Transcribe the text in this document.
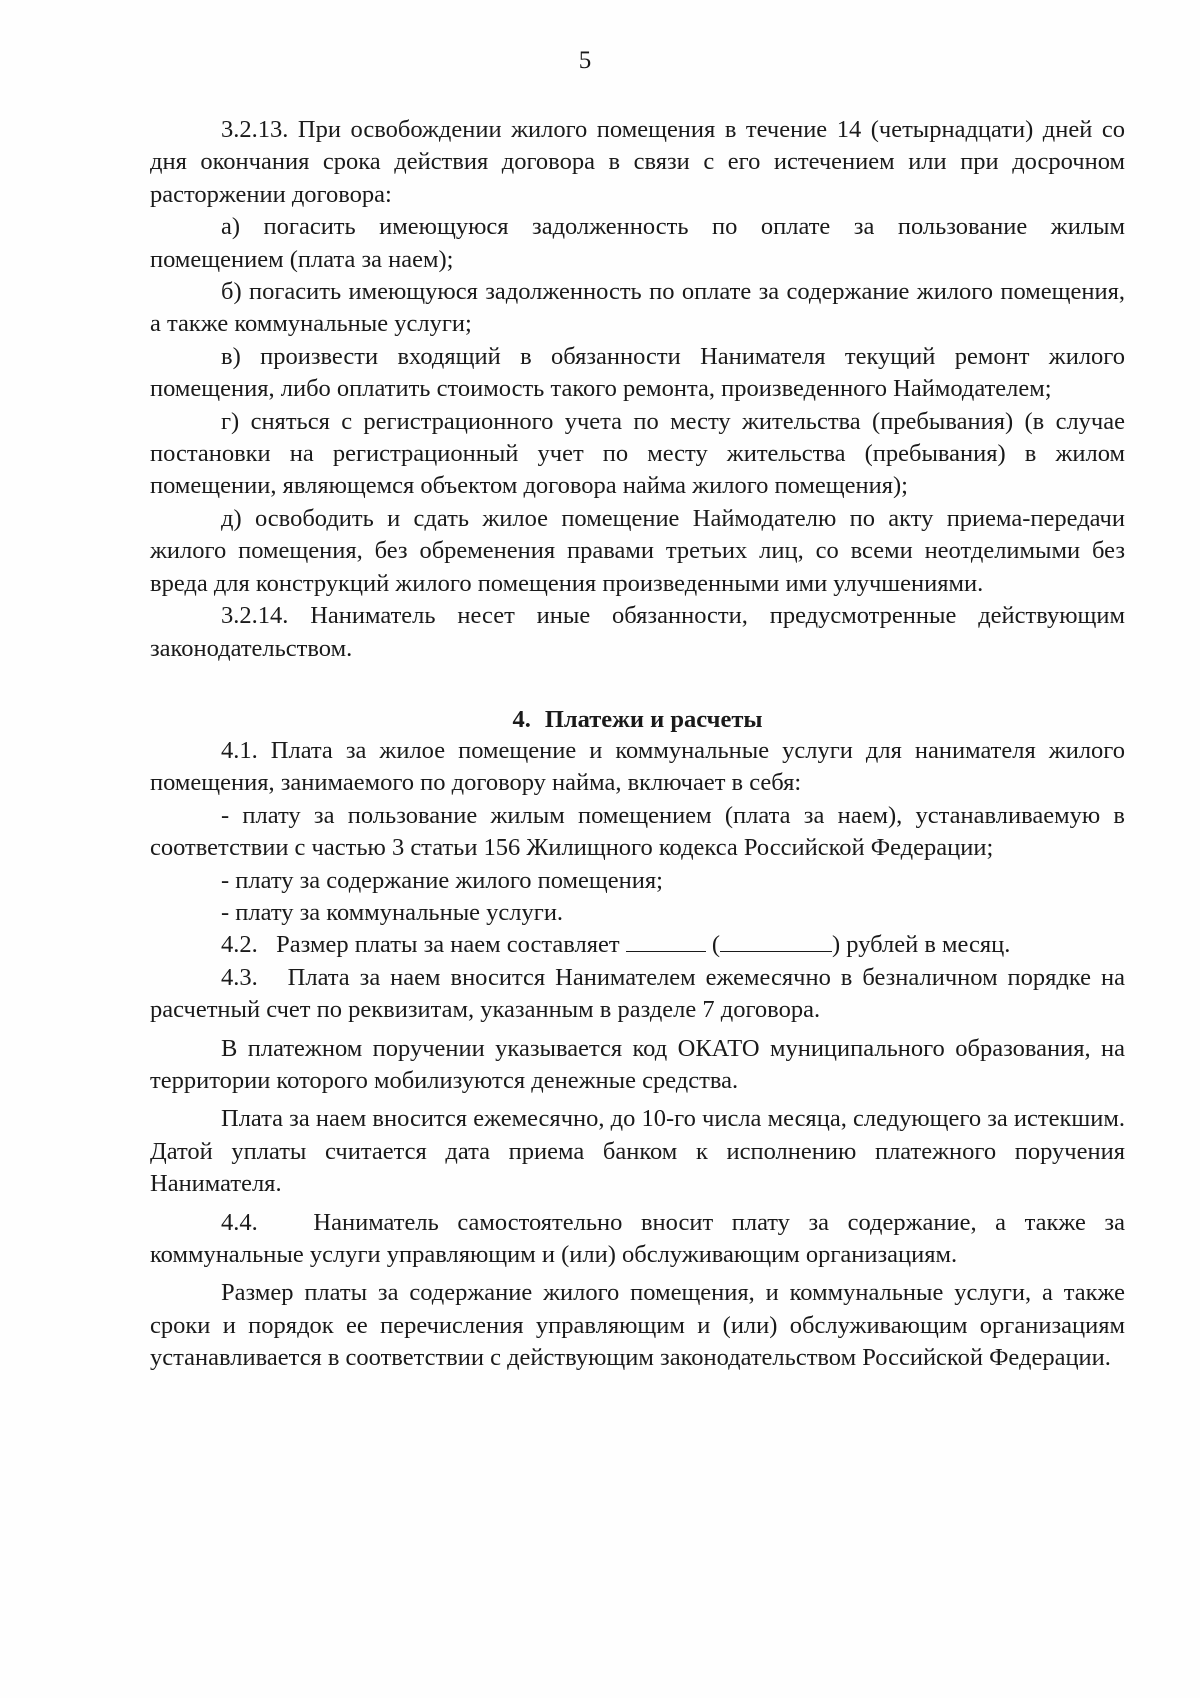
5

3.2.13. При освобождении жилого помещения в течение 14 (четырнадцати) дней со дня окончания срока действия договора в связи с его истечением или при досрочном расторжении договора:

а) погасить имеющуюся задолженность по оплате за пользование жилым помещением (плата за наем);

б) погасить имеющуюся задолженность по оплате за содержание жилого помещения, а также коммунальные услуги;

в) произвести входящий в обязанности Нанимателя текущий ремонт жилого помещения, либо оплатить стоимость такого ремонта, произведенного Наймодателем;

г) сняться с регистрационного учета по месту жительства (пребывания) (в случае постановки на регистрационный учет по месту жительства (пребывания) в жилом помещении, являющемся объектом договора найма жилого помещения);

д) освободить и сдать жилое помещение Наймодателю по акту приема-передачи жилого помещения, без обременения правами третьих лиц, со всеми неотделимыми без вреда для конструкций жилого помещения произведенными ими улучшениями.

3.2.14. Наниматель несет иные обязанности, предусмотренные действующим законодательством.

4. Платежи и расчеты

4.1. Плата за жилое помещение и коммунальные услуги для нанимателя жилого помещения, занимаемого по договору найма, включает в себя:

- плату за пользование жилым помещением (плата за наем), устанавливаемую в соответствии с частью 3 статьи 156 Жилищного кодекса Российской Федерации;

- плату за содержание жилого помещения;

- плату за коммунальные услуги.

4.2.   Размер платы за наем составляет	(	) рублей в месяц.

4.3.   Плата за наем вносится Нанимателем ежемесячно в безналичном порядке на расчетный счет по реквизитам, указанным в разделе 7 договора.

В платежном поручении указывается код ОКАТО муниципального образования, на территории которого мобилизуются денежные средства.

Плата за наем вносится ежемесячно, до 10-го числа месяца, следующего за истекшим. Датой уплаты считается дата приема банком к исполнению платежного поручения Нанимателя.

4.4.   Наниматель самостоятельно вносит плату за содержание, а также за коммунальные услуги управляющим и (или) обслуживающим организациям.

Размер платы за содержание жилого помещения, и коммунальные услуги, а также сроки и порядок ее перечисления управляющим и (или) обслуживающим организациям устанавливается в соответствии с действующим законодательством Российской Федерации.
